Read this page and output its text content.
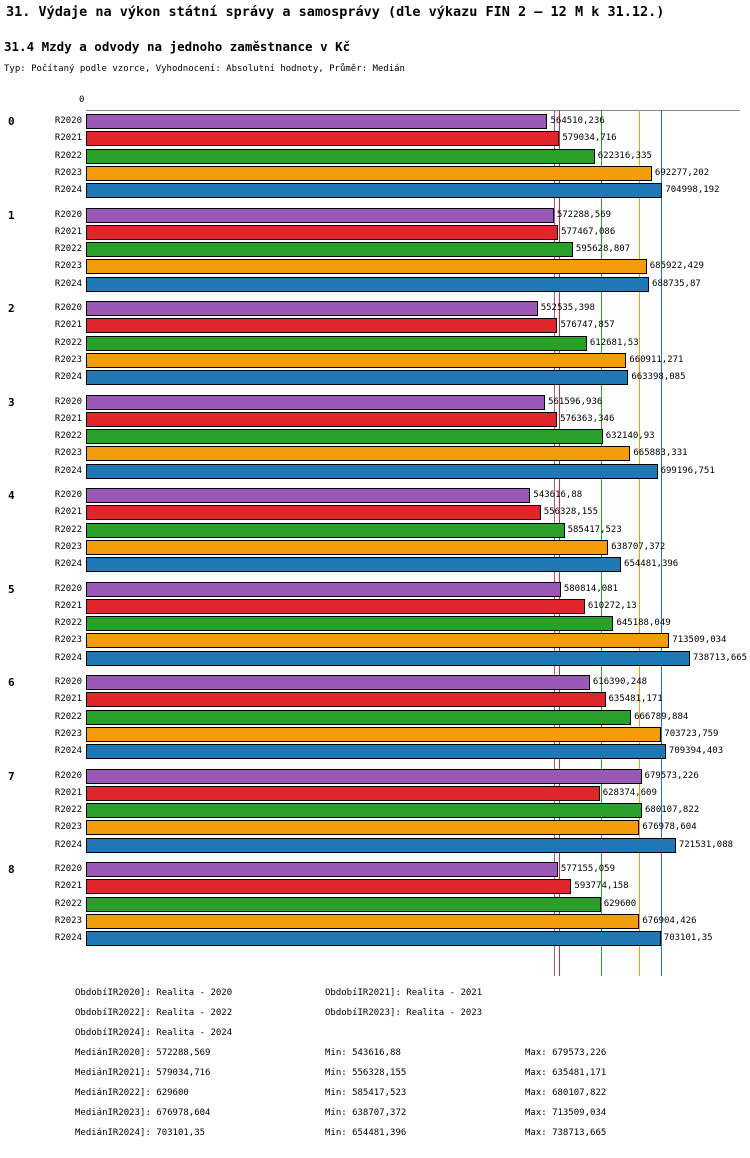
31. Výdaje na výkon státní správy a samosprávy (dle výkazu FIN 2 – 12 M k 31.12.)
31.4 Mzdy a odvody na jednoho zaměstnance v Kč
Typ: Počítaný podle vzorce, Vyhodnocení: Absolutní hodnoty, Průměr: Medián
0
0	R2020	564510,236
R2021	579034,716
R2022	622316,335
R2023	692277,202
R2024	704998,192
1	R2020	572288,569
R2021	577467,086
R2022	595628,807
R2023	685922,429
R2024	688735,87
2	R2020	552535,398
R2021	576747,857
R2022	612681,53
R2023	660911,271
R2024	663398,085
3	R2020	561596,936
R2021	576363,346
R2022	632140,93
R2023	665883,331
R2024	699196,751
4	R2020	543616,88
R2021	556328,155
R2022	585417,523
R2023	638707,372
R2024	654481,396
5	R2020	580814,081
R2021	610272,13
R2022	645188,049
R2023	713509,034
R2024	738713,665
6	R2020	616390,248
R2021	635481,171
R2022	666789,884
R2023	703723,759
R2024	709394,403
7	R2020	679573,226
R2021	628374,609
R2022	680107,822
R2023	676978,604
R2024	721531,088
8	R2020	577155,059
R2021	593774,158
R2022	629600
R2023	676904,426
R2024	703101,35
ObdobíIR2020]: Realita - 2020	ObdobíIR2021]: Realita - 2021
ObdobíIR2022]: Realita - 2022	ObdobíIR2023]: Realita - 2023
ObdobíIR2024]: Realita - 2024
MediánIR2020]: 572288,569	Min: 543616,88	Max: 679573,226
MediánIR2021]: 579034,716	Min: 556328,155	Max: 635481,171
MediánIR2022]: 629600	Min: 585417,523	Max: 680107,822
MediánIR2023]: 676978,604	Min: 638707,372	Max: 713509,034
MediánIR2024]: 703101,35	Min: 654481,396	Max: 738713,665
